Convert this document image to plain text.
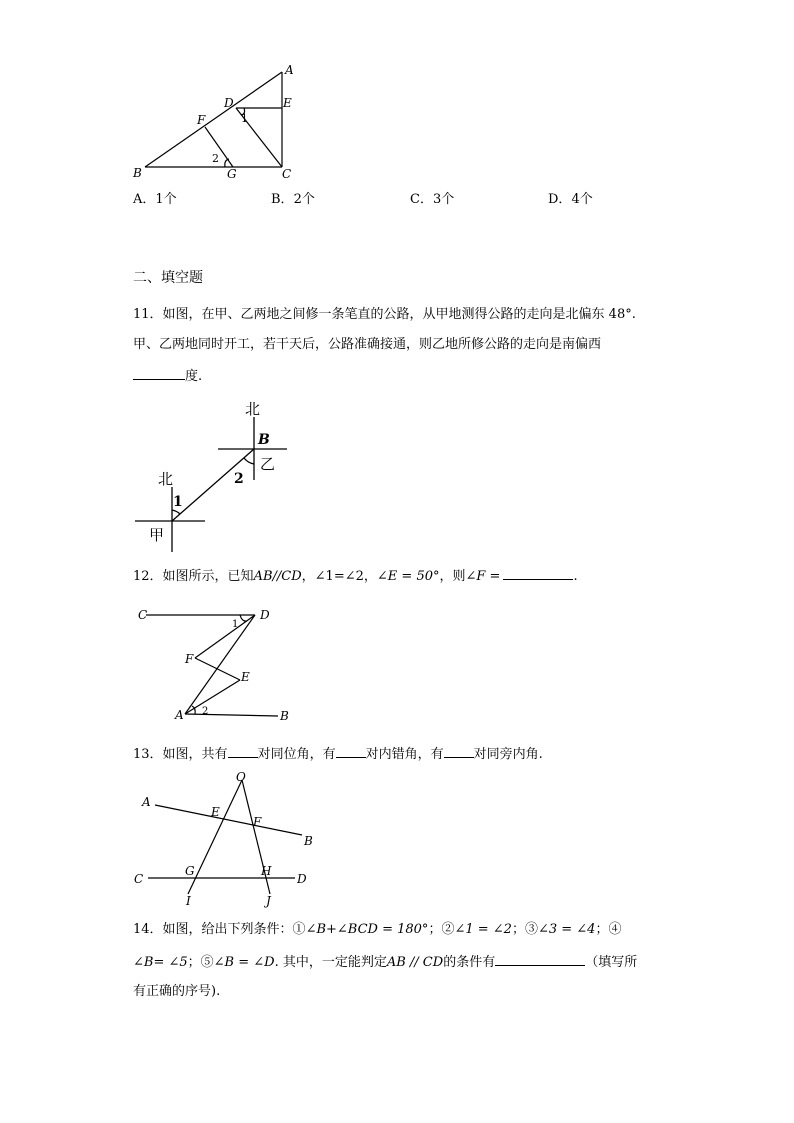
A
D	E
F
B	G	C
1
2
A．1个	B．2个	C．3个	D．4个
二、填空题
11．如图，在甲、乙两地之间修一条笔直的公路，从甲地测得公路的走向是北偏东 48°.
甲、乙两地同时开工，若干天后，公路准确接通，则乙地所修公路的走向是南偏西
度.
北
B
乙
2
北
1
甲
12．如图所示，已知AB//CD，∠1=∠2，∠E = 50°，则∠F =	.
C	D
1
F
E
A 2	B
13．如图，共有 对同位角，有 对内错角，有 对同旁内角.
O
A
E
F
B
C
G	H
D
I	J
14．如图，给出下列条件：①∠B+∠BCD = 180°；②∠1 = ∠2；③∠3 = ∠4；④
∠B= ∠5；⑤∠B = ∠D. 其中，一定能判定AB // CD的条件有	（填写所
有正确的序号).
